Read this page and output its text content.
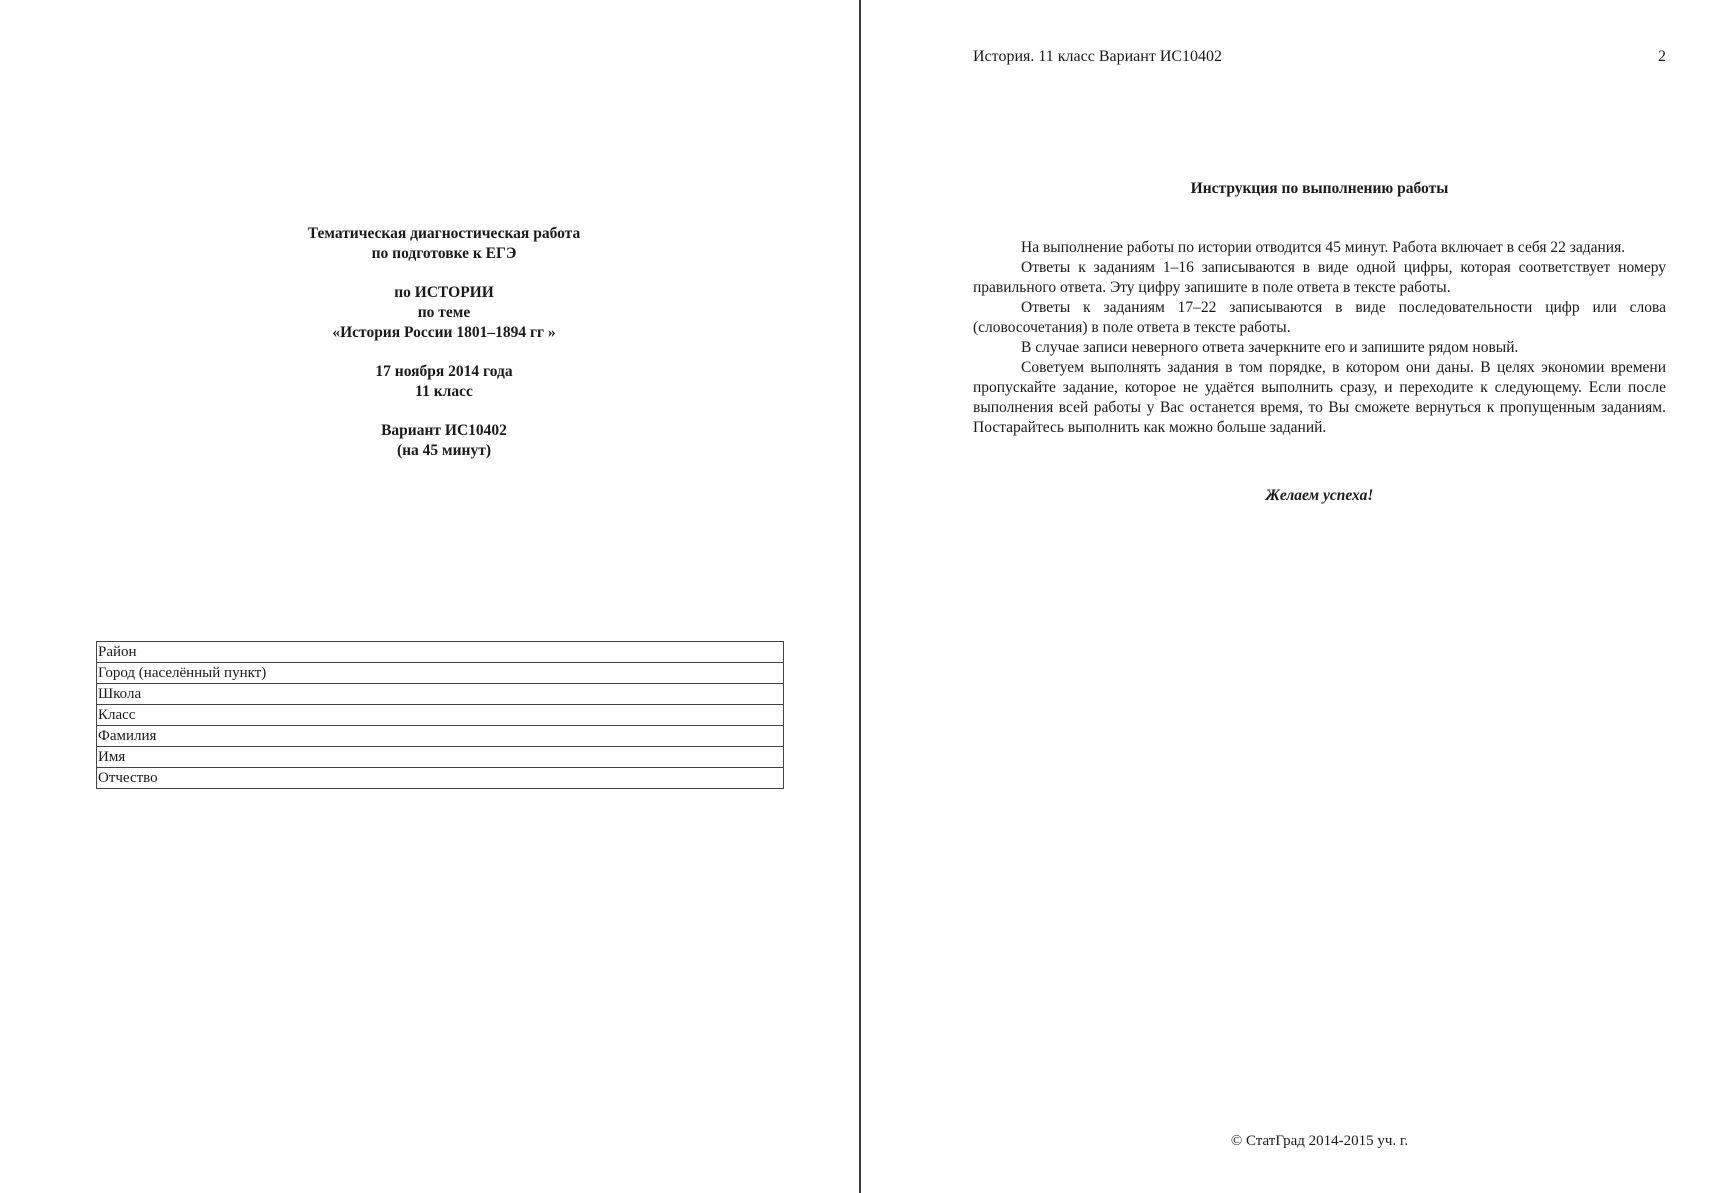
Тематическая диагностическая работа
по подготовке к ЕГЭ
по ИСТОРИИ
по теме
«История России 1801–1894 гг »
17 ноября 2014 года
11 класс
Вариант ИС10402
(на 45 минут)
Район
Город (населённый пункт)
Школа
Класс
Фамилия
Имя
Отчество
История. 11 класс Вариант ИС10402	2
Инструкция по выполнению работы

На выполнение работы по истории отводится 45 минут. Работа включает в себя 22 задания.

Ответы к заданиям 1–16 записываются в виде одной цифры, которая соответствует номеру правильного ответа. Эту цифру запишите в поле ответа в тексте работы.

Ответы к заданиям 17–22 записываются в виде последовательности цифр или слова (словосочетания) в поле ответа в тексте работы.

В случае записи неверного ответа зачеркните его и запишите рядом новый.

Советуем выполнять задания в том порядке, в котором они даны. В целях экономии времени пропускайте задание, которое не удаётся выполнить сразу, и переходите к следующему. Если после выполнения всей работы у Вас останется время, то Вы сможете вернуться к пропущенным заданиям. Постарайтесь выполнить как можно больше заданий.

Желаем успеха!
© СтатГрад 2014-2015 уч. г.
